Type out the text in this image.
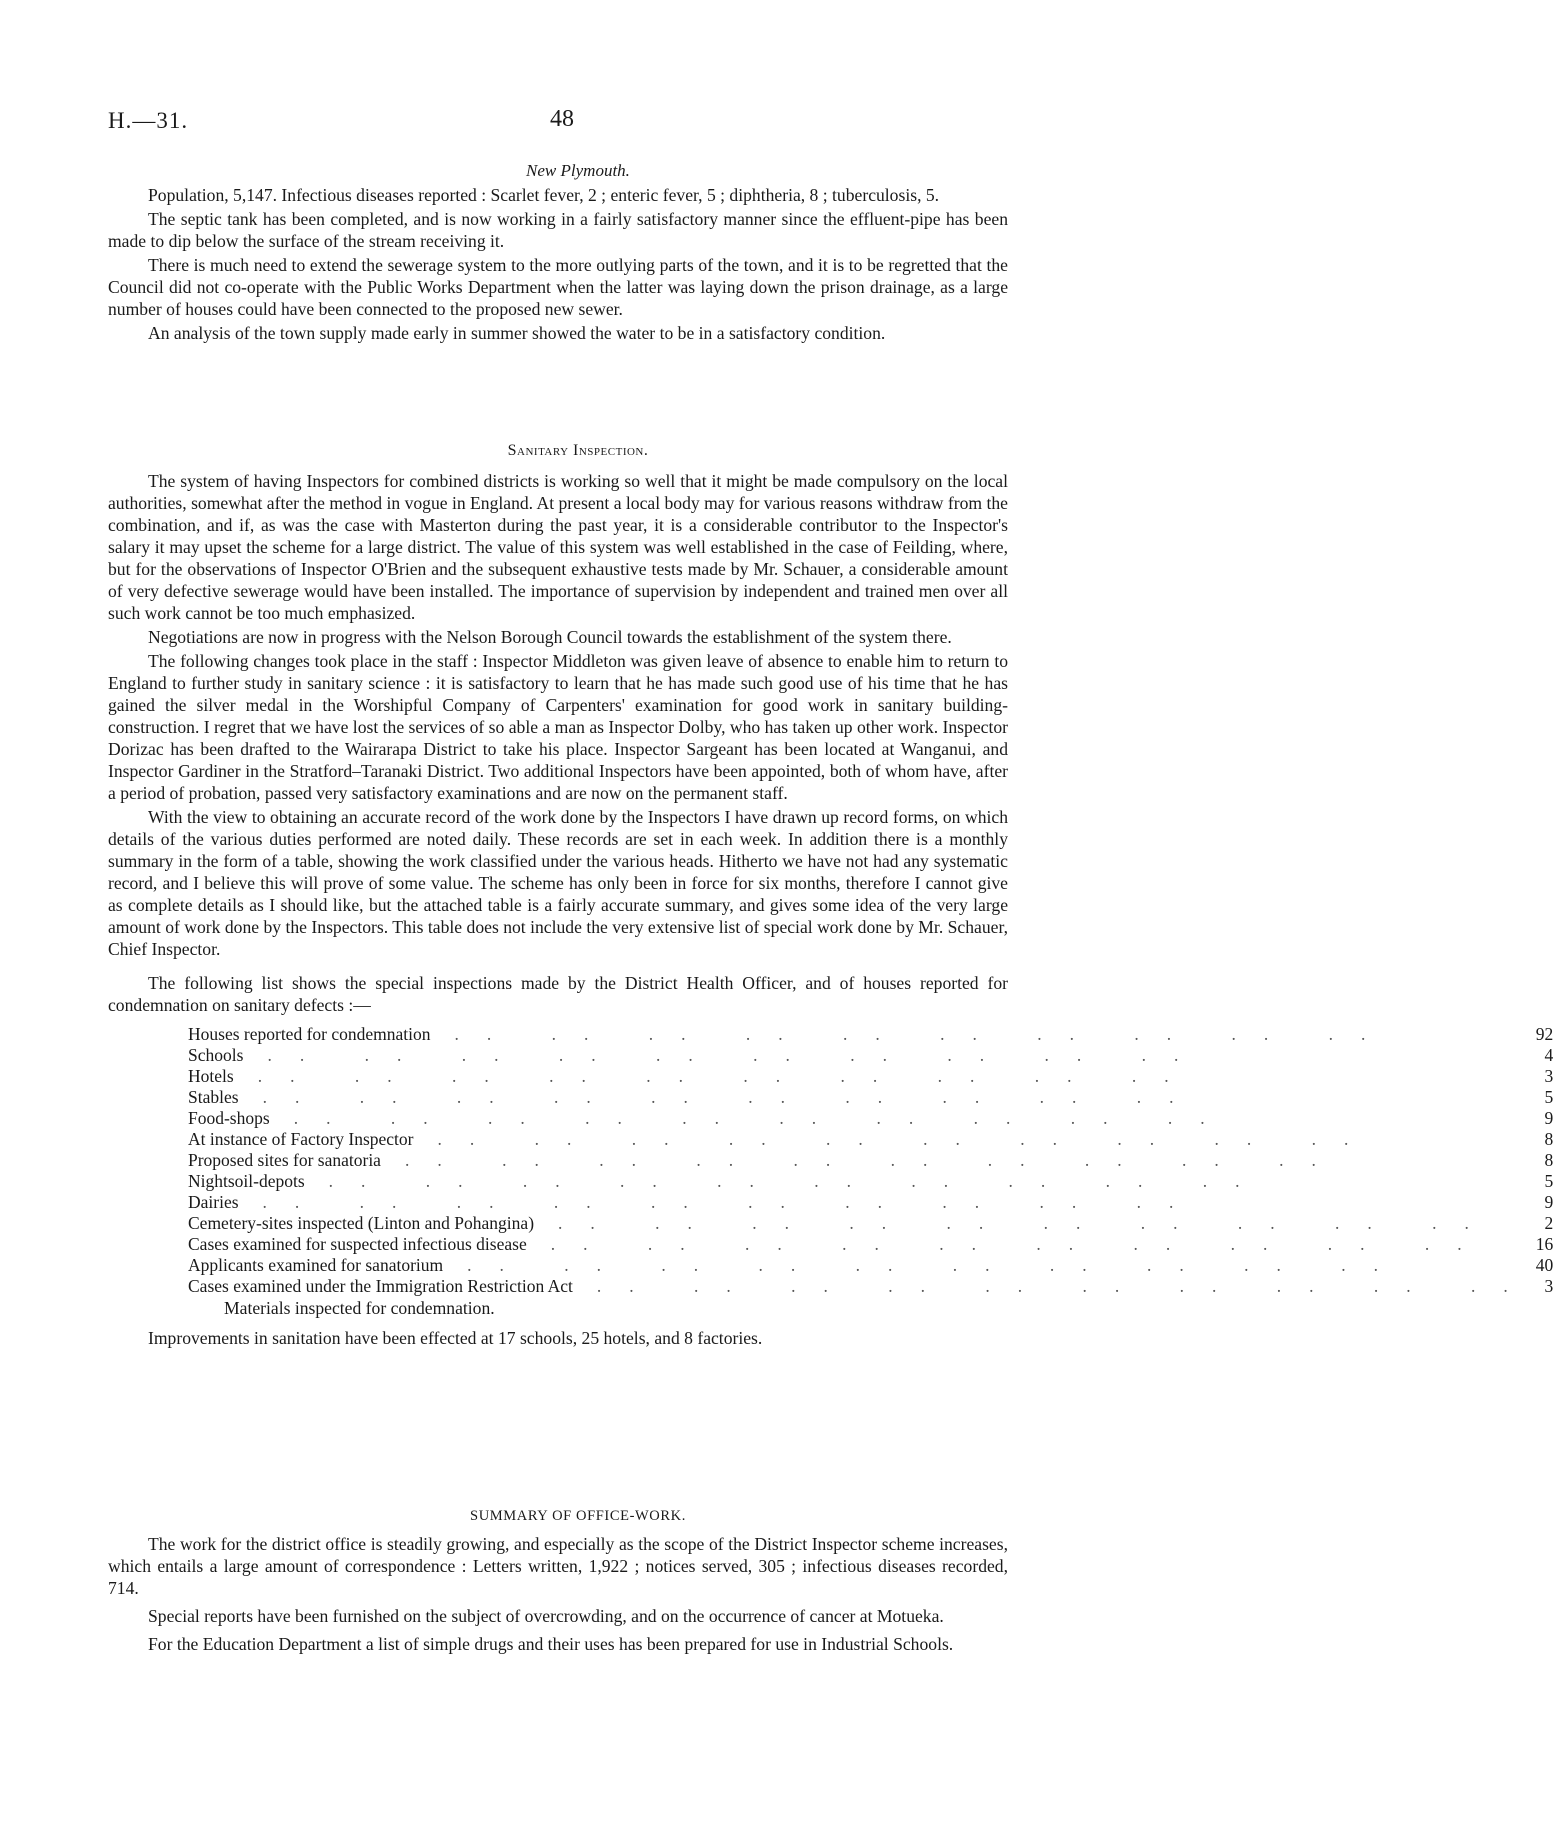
H.—31.	48

New Plymouth.

Population, 5,147. Infectious diseases reported : Scarlet fever, 2 ; enteric fever, 5 ; diphtheria, 8 ; tuberculosis, 5.

The septic tank has been completed, and is now working in a fairly satisfactory manner since the effluent-pipe has been made to dip below the surface of the stream receiving it.

There is much need to extend the sewerage system to the more outlying parts of the town, and it is to be regretted that the Council did not co-operate with the Public Works Department when the latter was laying down the prison drainage, as a large number of houses could have been connected to the proposed new sewer.

An analysis of the town supply made early in summer showed the water to be in a satisfactory condition.

Sanitary Inspection.

The system of having Inspectors for combined districts is working so well that it might be made compulsory on the local authorities, somewhat after the method in vogue in England. At present a local body may for various reasons withdraw from the combination, and if, as was the case with Masterton during the past year, it is a considerable contributor to the Inspector's salary it may upset the scheme for a large district. The value of this system was well established in the case of Feilding, where, but for the observations of Inspector O'Brien and the subsequent exhaustive tests made by Mr. Schauer, a considerable amount of very defective sewerage would have been installed. The importance of supervision by independent and trained men over all such work cannot be too much emphasized.

Negotiations are now in progress with the Nelson Borough Council towards the establishment of the system there.

The following changes took place in the staff : Inspector Middleton was given leave of absence to enable him to return to England to further study in sanitary science : it is satisfactory to learn that he has made such good use of his time that he has gained the silver medal in the Worshipful Company of Carpenters' examination for good work in sanitary building-construction. I regret that we have lost the services of so able a man as Inspector Dolby, who has taken up other work. Inspector Dorizac has been drafted to the Wairarapa District to take his place. Inspector Sargeant has been located at Wanganui, and Inspector Gardiner in the Stratford–Taranaki District. Two additional Inspectors have been appointed, both of whom have, after a period of probation, passed very satisfactory examinations and are now on the permanent staff.

With the view to obtaining an accurate record of the work done by the Inspectors I have drawn up record forms, on which details of the various duties performed are noted daily. These records are set in each week. In addition there is a monthly summary in the form of a table, showing the work classified under the various heads. Hitherto we have not had any systematic record, and I believe this will prove of some value. The scheme has only been in force for six months, therefore I cannot give as complete details as I should like, but the attached table is a fairly accurate summary, and gives some idea of the very large amount of work done by the Inspectors. This table does not include the very extensive list of special work done by Mr. Schauer, Chief Inspector.

The following list shows the special inspections made by the District Health Officer, and of houses reported for condemnation on sanitary defects :—

Houses reported for condemnation .. .. .. .. .. .. .. .. .. ..	92
Schools .. .. .. .. .. .. .. .. .. ..	4
Hotels .. .. .. .. .. .. .. .. .. ..	3
Stables .. .. .. .. .. .. .. .. .. ..	5
Food-shops .. .. .. .. .. .. .. .. .. ..	9
At instance of Factory Inspector .. .. .. .. .. .. .. .. .. ..	8
Proposed sites for sanatoria .. .. .. .. .. .. .. .. .. ..	8
Nightsoil-depots .. .. .. .. .. .. .. .. .. ..	5
Dairies .. .. .. .. .. .. .. .. .. ..	9
Cemetery-sites inspected (Linton and Pohangina) .. .. .. .. .. .. .. .. .. ..	2
Cases examined for suspected infectious disease .. .. .. .. .. .. .. .. .. ..	16
Applicants examined for sanatorium .. .. .. .. .. .. .. .. .. ..	40
Cases examined under the Immigration Restriction Act .. .. .. .. .. .. .. .. .. ..	3

Materials inspected for condemnation.

Improvements in sanitation have been effected at 17 schools, 25 hotels, and 8 factories.

SUMMARY OF OFFICE-WORK.

The work for the district office is steadily growing, and especially as the scope of the District Inspector scheme increases, which entails a large amount of correspondence : Letters written, 1,922 ; notices served, 305 ; infectious diseases recorded, 714.

Special reports have been furnished on the subject of overcrowding, and on the occurrence of cancer at Motueka.

For the Education Department a list of simple drugs and their uses has been prepared for use in Industrial Schools.
